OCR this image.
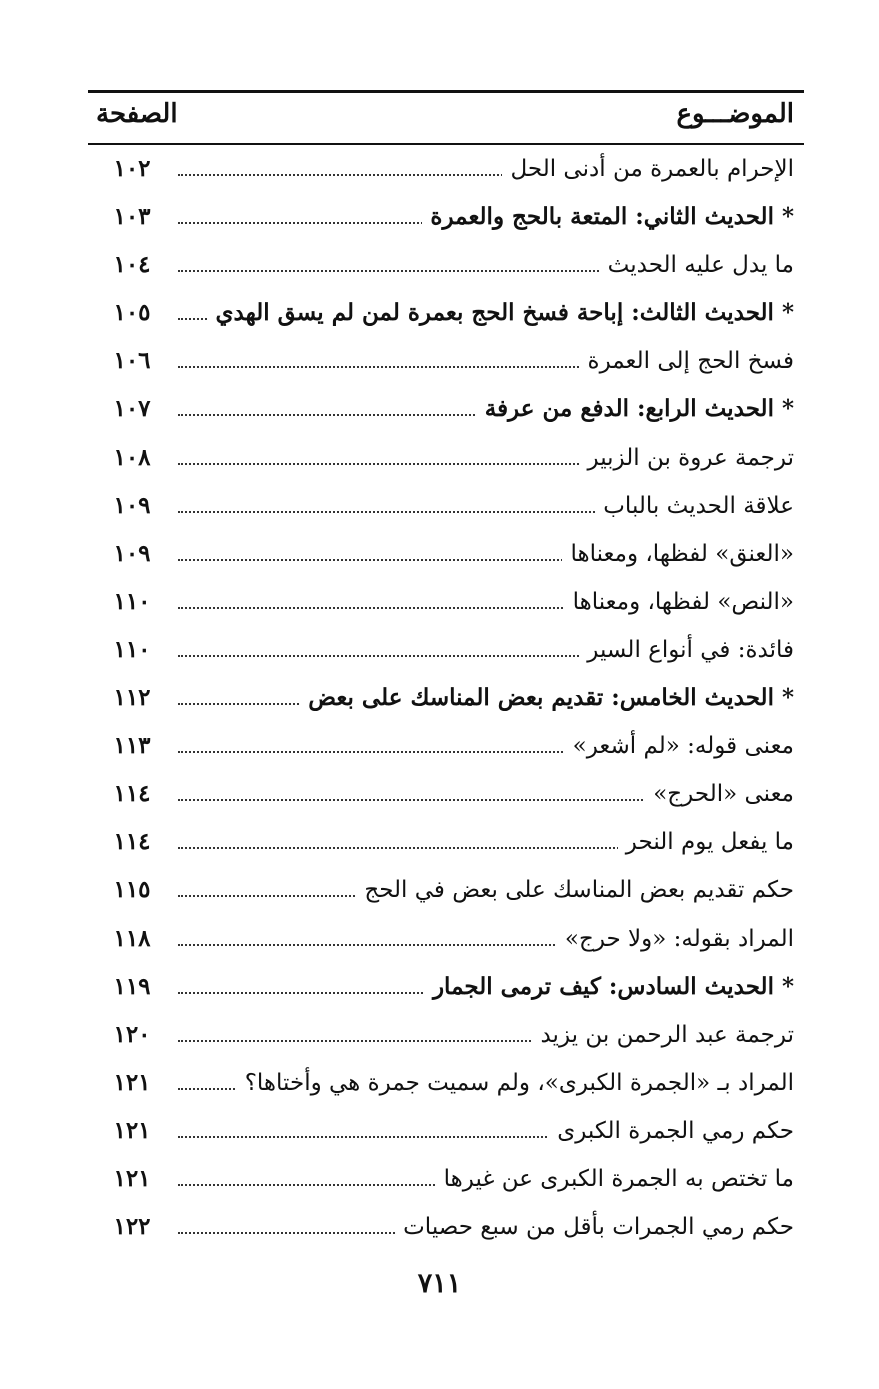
الموضـــوع
الصفحة
الإحرام بالعمرة من أدنى الحل
١٠٢
* الحديث الثاني: المتعة بالحج والعمرة
١٠٣
ما يدل عليه الحديث
١٠٤
* الحديث الثالث: إباحة فسخ الحج بعمرة لمن لم يسق الهدي
١٠٥
فسخ الحج إلى العمرة
١٠٦
* الحديث الرابع: الدفع من عرفة
١٠٧
ترجمة عروة بن الزبير
١٠٨
علاقة الحديث بالباب
١٠٩
«العنق» لفظها، ومعناها
١٠٩
«النص» لفظها، ومعناها
١١٠
فائدة: في أنواع السير
١١٠
* الحديث الخامس: تقديم بعض المناسك على بعض
١١٢
معنى قوله: «لم أشعر»
١١٣
معنى «الحرج»
١١٤
ما يفعل يوم النحر
١١٤
حكم تقديم بعض المناسك على بعض في الحج
١١٥
المراد بقوله: «ولا حرج»
١١٨
* الحديث السادس: كيف ترمى الجمار
١١٩
ترجمة عبد الرحمن بن يزيد
١٢٠
المراد بـ «الجمرة الكبرى»، ولم سميت جمرة هي وأختاها؟
١٢١
حكم رمي الجمرة الكبرى
١٢١
ما تختص به الجمرة الكبرى عن غيرها
١٢١
حكم رمي الجمرات بأقل من سبع حصيات
١٢٢
٧١١
